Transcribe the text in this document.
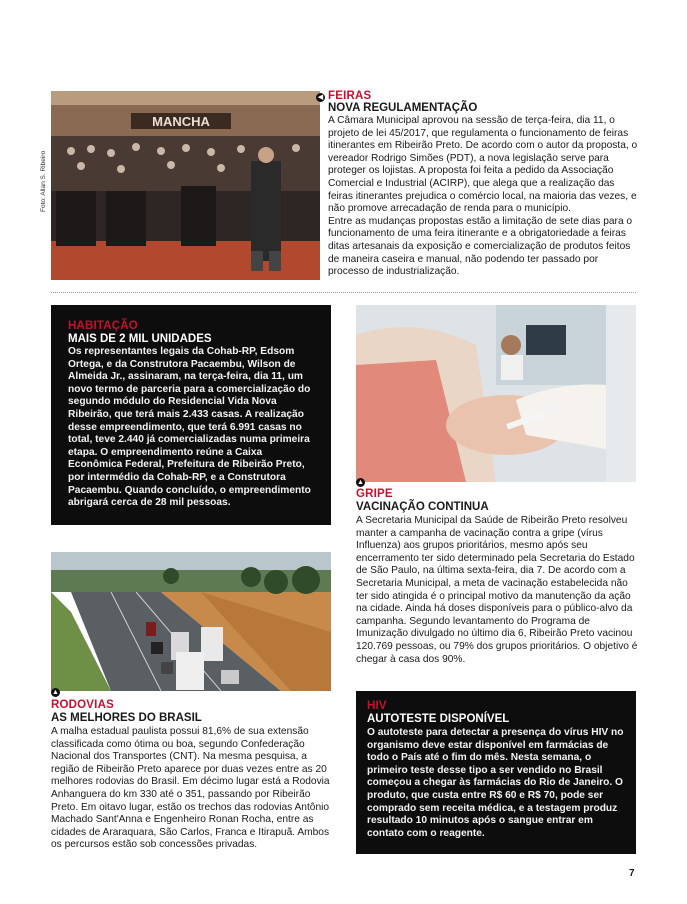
Foto: Allan S. Ribeiro
MANCHA
◀ FEIRAS
NOVA REGULAMENTAÇÃO
A Câmara Municipal aprovou na sessão de terça-feira, dia 11, o projeto de lei 45/2017, que regulamenta o funcionamento de feiras itinerantes em Ribeirão Preto. De acordo com o autor da proposta, o vereador Rodrigo Simões (PDT), a nova legislação serve para proteger os lojistas. A proposta foi feita a pedido da Associação Comercial e Industrial (ACIRP), que alega que a realização das feiras itinerantes prejudica o comércio local, na maioria das vezes, e não promove arrecadação de renda para o município.
Entre as mudanças propostas estão a limitação de sete dias para o funcionamento de uma feira itinerante e a obrigatoriedade a feiras ditas artesanais da exposição e comercialização de produtos feitos de maneira caseira e manual, não podendo ter passado por processo de industrialização.
HABITAÇÃO
MAIS DE 2 MIL UNIDADES
Os representantes legais da Cohab-RP, Edsom Ortega, e da Construtora Pacaembu, Wilson de Almeida Jr., assinaram, na terça-feira, dia 11, um novo termo de parceria para a comercialização do segundo módulo do Residencial Vida Nova Ribeirão, que terá mais 2.433 casas. A realização desse empreendimento, que terá 6.991 casas no total, teve 2.440 já comercializadas numa primeira etapa. O empreendimento reúne a Caixa Econômica Federal, Prefeitura de Ribeirão Preto, por intermédio da Cohab-RP, e a Construtora Pacaembu. Quando concluído, o empreendimento abrigará cerca de 28 mil pessoas.
▲
GRIPE
VACINAÇÃO CONTINUA
A Secretaria Municipal da Saúde de Ribeirão Preto resolveu manter a campanha de vacinação contra a gripe (vírus Influenza) aos grupos prioritários, mesmo após seu encerramento ter sido determinado pela Secretaria do Estado de São Paulo, na última sexta-feira, dia 7. De acordo com a Secretaria Municipal, a meta de vacinação estabelecida não ter sido atingida é o principal motivo da manutenção da ação na cidade. Ainda há doses disponíveis para o público-alvo da campanha. Segundo levantamento do Programa de Imunização divulgado no último dia 6, Ribeirão Preto vacinou 120.769 pessoas, ou 79% dos grupos prioritários. O objetivo é chegar à casa dos 90%.
▲
RODOVIAS
AS MELHORES DO BRASIL
A malha estadual paulista possui 81,6% de sua extensão classificada como ótima ou boa, segundo Confederação Nacional dos Transportes (CNT). Na mesma pesquisa, a região de Ribeirão Preto aparece por duas vezes entre as 20 melhores rodovias do Brasil. Em décimo lugar está a Rodovia Anhanguera do km 330 até o 351, passando por Ribeirão Preto. Em oitavo lugar, estão os trechos das rodovias Antônio Machado Sant'Anna e Engenheiro Ronan Rocha, entre as cidades de Araraquara, São Carlos, Franca e Itirapuã. Ambos os percursos estão sob concessões privadas.
HIV
AUTOTESTE DISPONÍVEL
O autoteste para detectar a presença do vírus HIV no organismo deve estar disponível em farmácias de todo o País até o fim do mês. Nesta semana, o primeiro teste desse tipo a ser vendido no Brasil começou a chegar às farmácias do Rio de Janeiro. O produto, que custa entre R$ 60 e R$ 70, pode ser comprado sem receita médica, e a testagem produz resultado 10 minutos após o sangue entrar em contato com o reagente.
7
